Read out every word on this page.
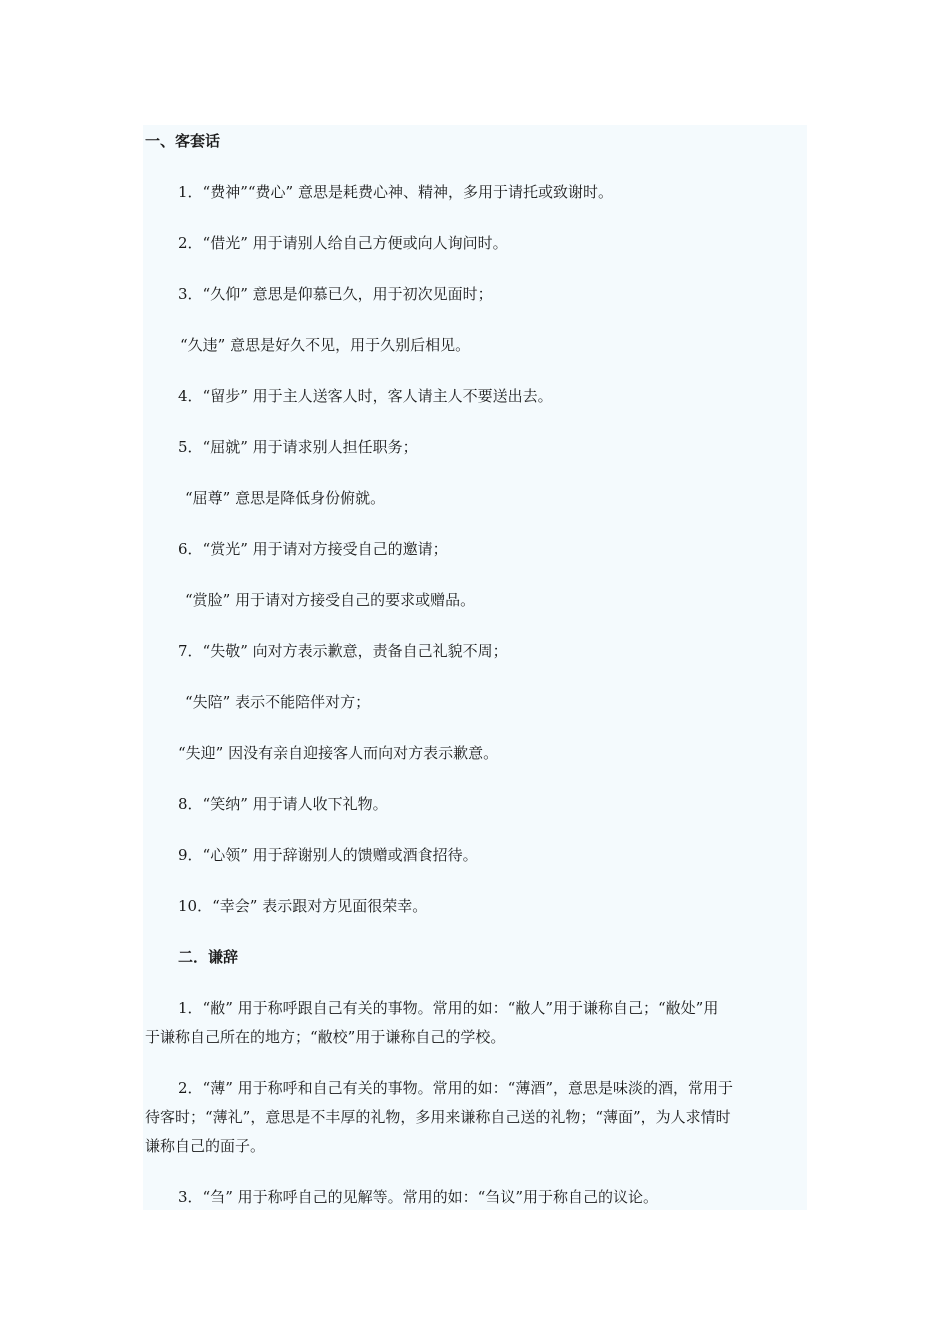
一、客套话
1．“费神”“费心” 意思是耗费心神、精神，多用于请托或致谢时。
2．“借光” 用于请别人给自己方便或向人询问时。
3．“久仰” 意思是仰慕已久，用于初次见面时；
“久违” 意思是好久不见，用于久别后相见。
4．“留步” 用于主人送客人时，客人请主人不要送出去。
5．“屈就” 用于请求别人担任职务；
“屈尊” 意思是降低身份俯就。
6．“赏光” 用于请对方接受自己的邀请；
“赏脸” 用于请对方接受自己的要求或赠品。
7．“失敬” 向对方表示歉意，责备自己礼貌不周；
“失陪” 表示不能陪伴对方；
“失迎” 因没有亲自迎接客人而向对方表示歉意。
8．“笑纳” 用于请人收下礼物。
9．“心领” 用于辞谢别人的馈赠或酒食招待。
10．“幸会” 表示跟对方见面很荣幸。
二．谦辞
1．“敝” 用于称呼跟自己有关的事物。常用的如：“敝人”用于谦称自己；“敝处”用
于谦称自己所在的地方；“敝校”用于谦称自己的学校。
2．“薄” 用于称呼和自己有关的事物。常用的如：“薄酒”，意思是味淡的酒，常用于
待客时；“薄礼”，意思是不丰厚的礼物，多用来谦称自己送的礼物；“薄面”，为人求情时
谦称自己的面子。
3．“刍” 用于称呼自己的见解等。常用的如：“刍议”用于称自己的议论。
